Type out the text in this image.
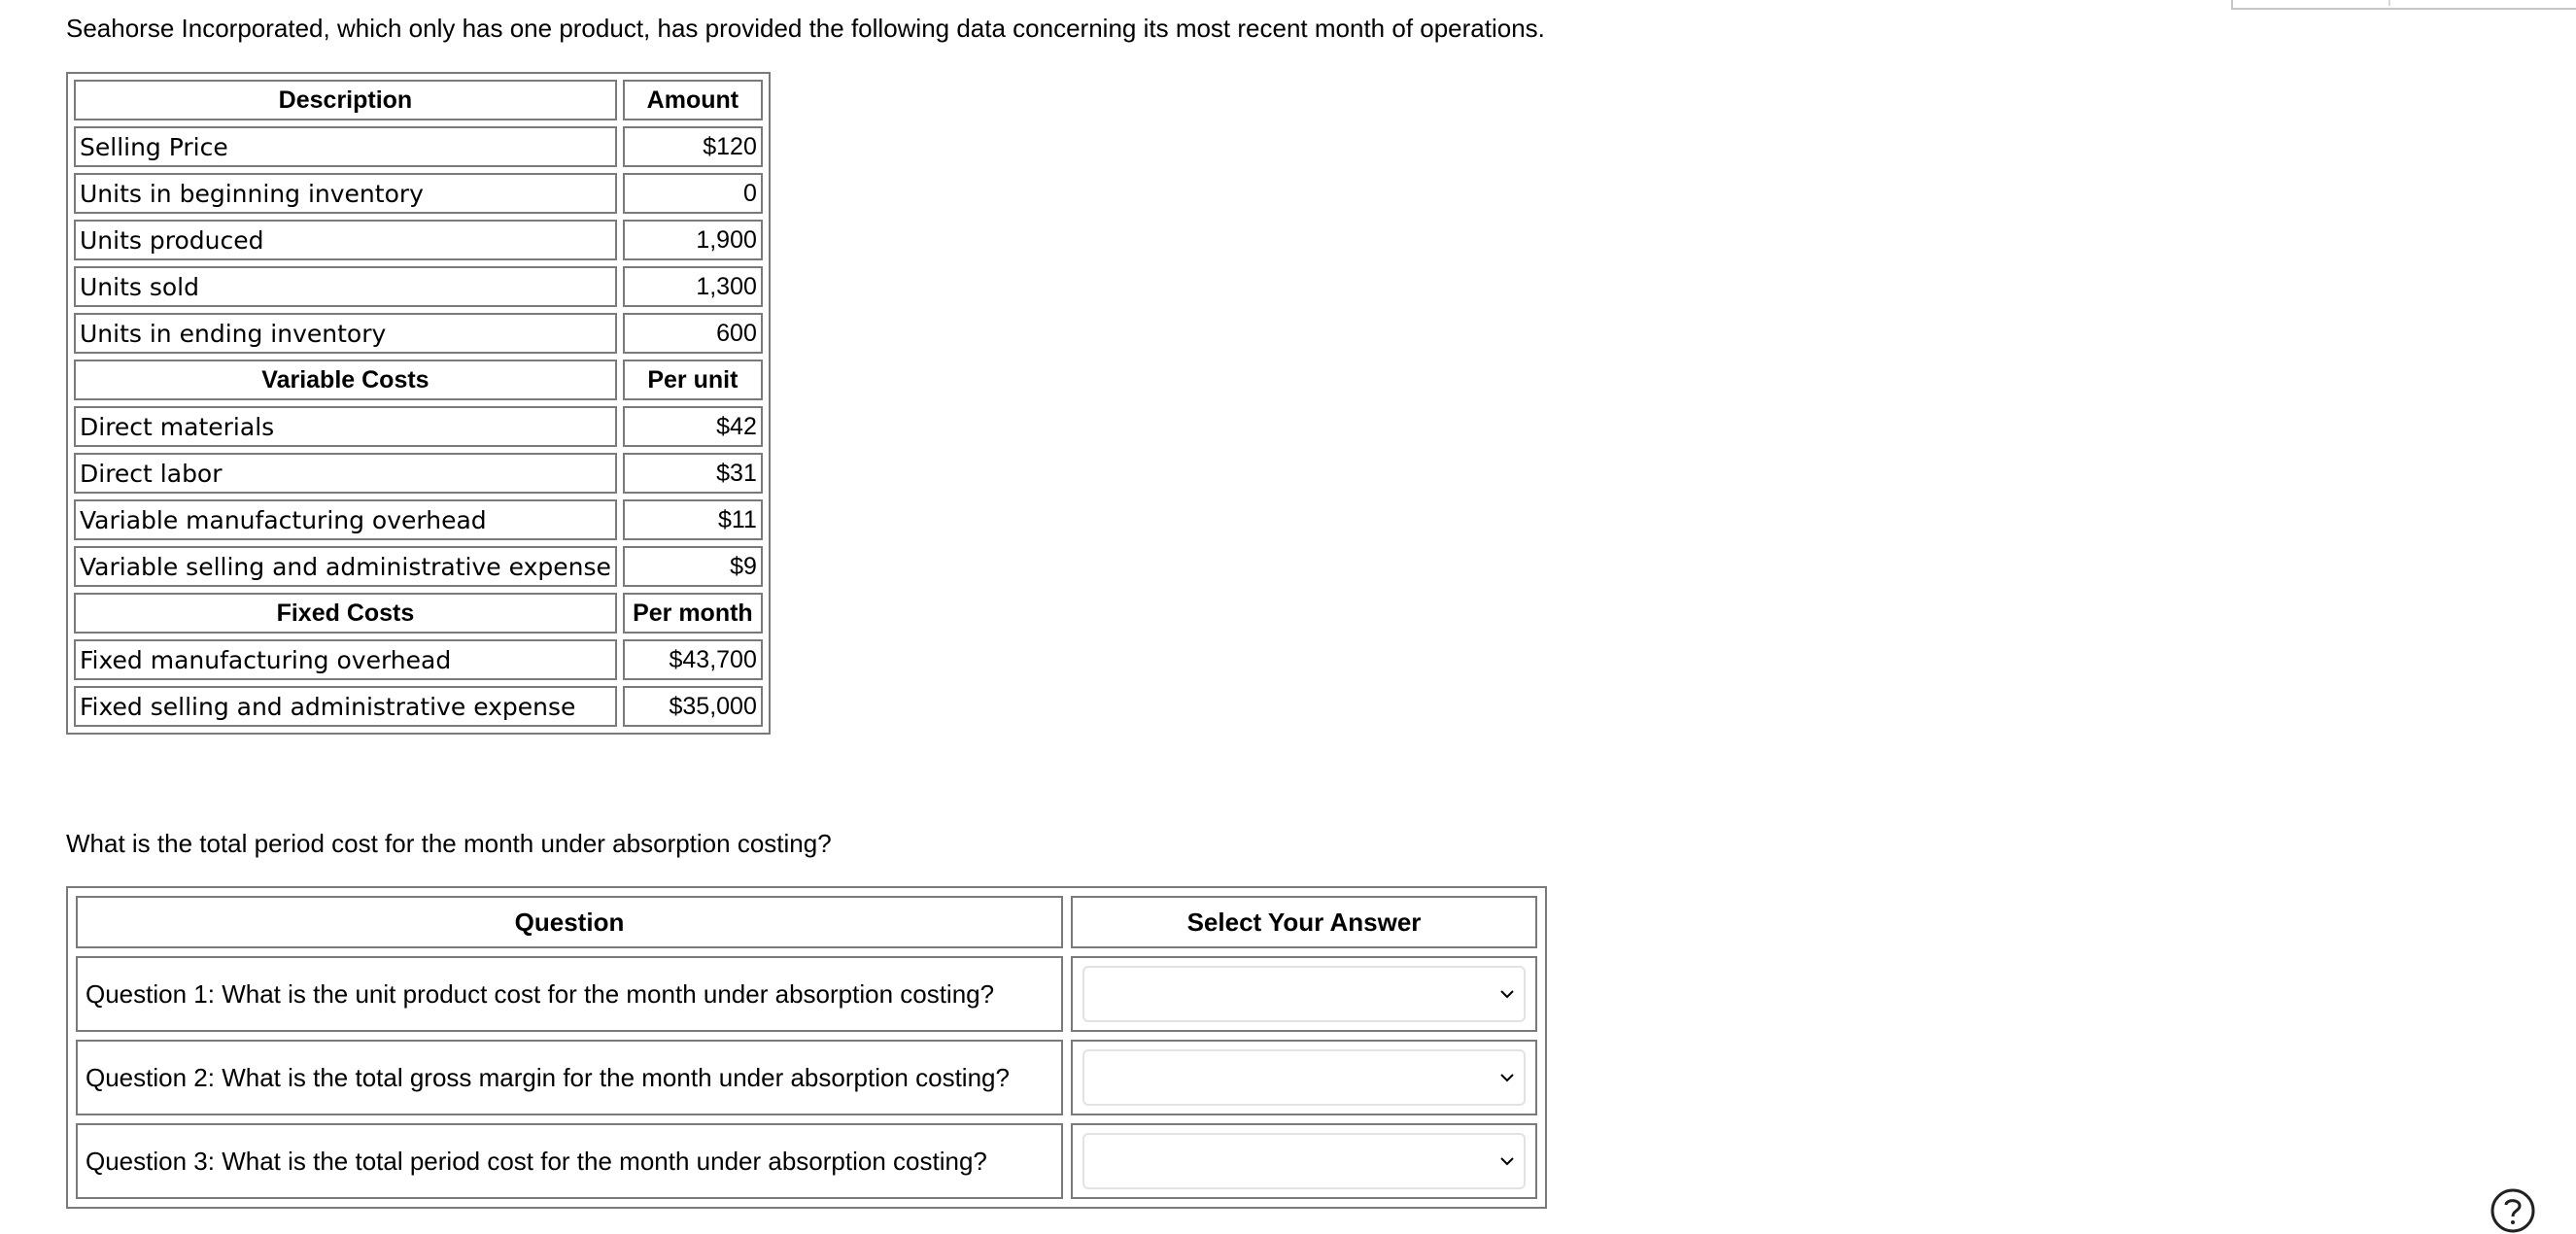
Seahorse Incorporated, which only has one product, has provided the following data concerning its most recent month of operations.

Description	Amount
Selling Price	$120
Units in beginning inventory	0
Units produced	1,900
Units sold	1,300
Units in ending inventory	600
Variable Costs	Per unit
Direct materials	$42
Direct labor	$31
Variable manufacturing overhead	$11
Variable selling and administrative expense	$9
Fixed Costs	Per month
Fixed manufacturing overhead	$43,700
Fixed selling and administrative expense	$35,000

What is the total period cost for the month under absorption costing?

Question	Select Your Answer
Question 1: What is the unit product cost for the month under absorption costing?	

Question 2: What is the total gross margin for the month under absorption costing?	

Question 3: What is the total period cost for the month under absorption costing?	
